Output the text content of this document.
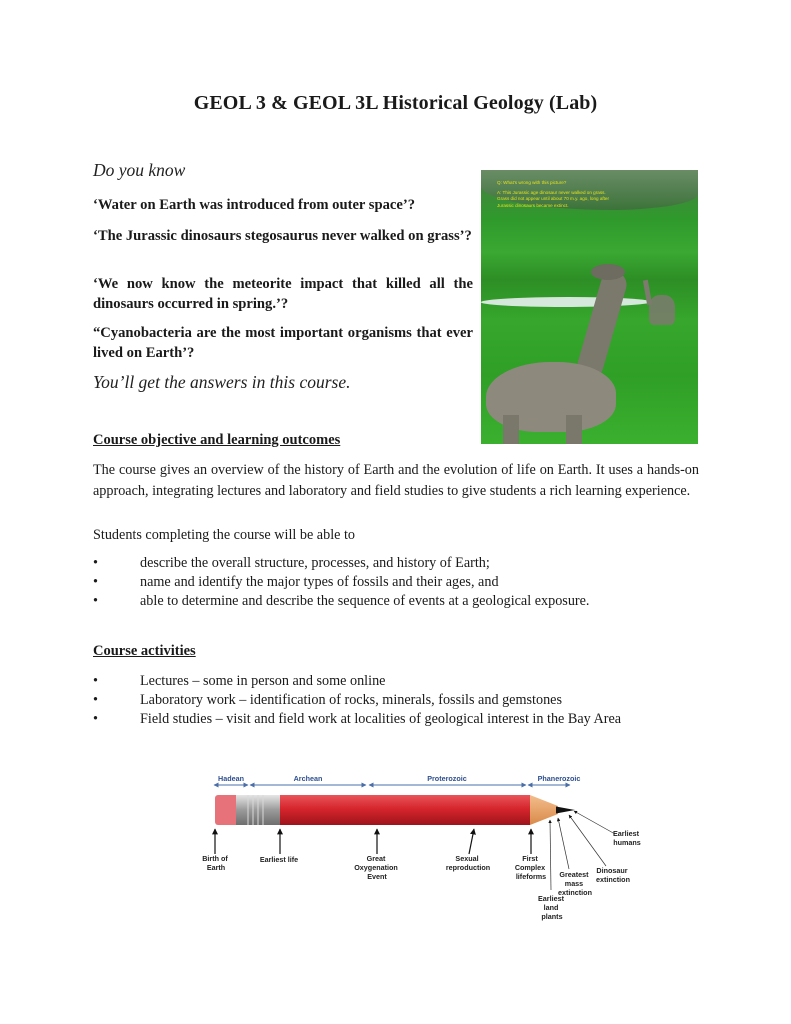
GEOL 3 & GEOL 3L Historical Geology (Lab)
Do you know
‘Water on Earth was introduced from outer space’?
‘The Jurassic dinosaurs stegosaurus never walked on grass’?
‘We now know the meteorite impact that killed all the dinosaurs occurred in spring.’?
“Cyanobacteria are the most important organisms that ever lived on Earth’?
You’ll get the answers in this course.
Q: What’s wrong with this picture?
A: This Jurassic age dinosaur never walked on grass. Grass did not appear until about 70 m.y. ago, long after Jurassic dinosaurs became extinct.
Course objective and learning outcomes
The course gives an overview of the history of Earth and the evolution of life on Earth. It uses a hands-on approach, integrating lectures and laboratory and field studies to give students a rich learning experience.
Students completing the course will be able to
•	describe the overall structure, processes, and history of Earth;
•	name and identify the major types of fossils and their ages, and
•	able to determine and describe the sequence of events at a geological exposure.
Course activities
•	Lectures – some in person and some online
•	Laboratory work – identification of rocks, minerals, fossils and gemstones
•	Field studies – visit and field work at localities of geological interest in the Bay Area
Hadean	Archean	Proterozoic	Phanerozoic
Birth of Earth
Earliest life	Great Oxygenation Event
Sexual reproduction
First Complex lifeforms
Earliest land plants
Greatest mass extinction
Dinosaur extinction
Earliest humans
